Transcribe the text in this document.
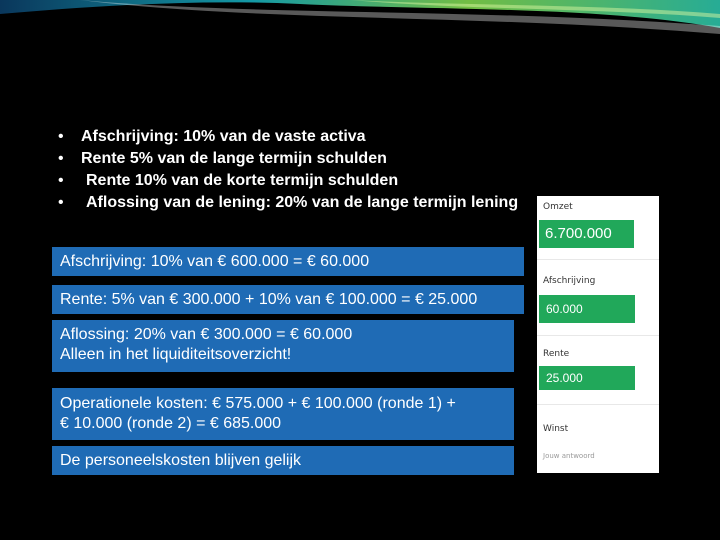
• Afschrijving: 10% van de vaste activa
• Rente 5% van de lange termijn schulden
• Rente 10% van de korte termijn schulden
• Aflossing van de lening: 20% van de lange termijn lening
Afschrijving: 10% van € 600.000 = € 60.000
Rente: 5% van € 300.000 + 10% van € 100.000 = € 25.000
Aflossing: 20% van € 300.000 = € 60.000
Alleen in het liquiditeitsoverzicht!
Operationele kosten: € 575.000 + € 100.000 (ronde 1) +
€ 10.000 (ronde 2) = € 685.000
De personeelskosten blijven gelijk
Omzet
6.700.000
Afschrijving
60.000
Rente
25.000
Winst
Jouw antwoord
